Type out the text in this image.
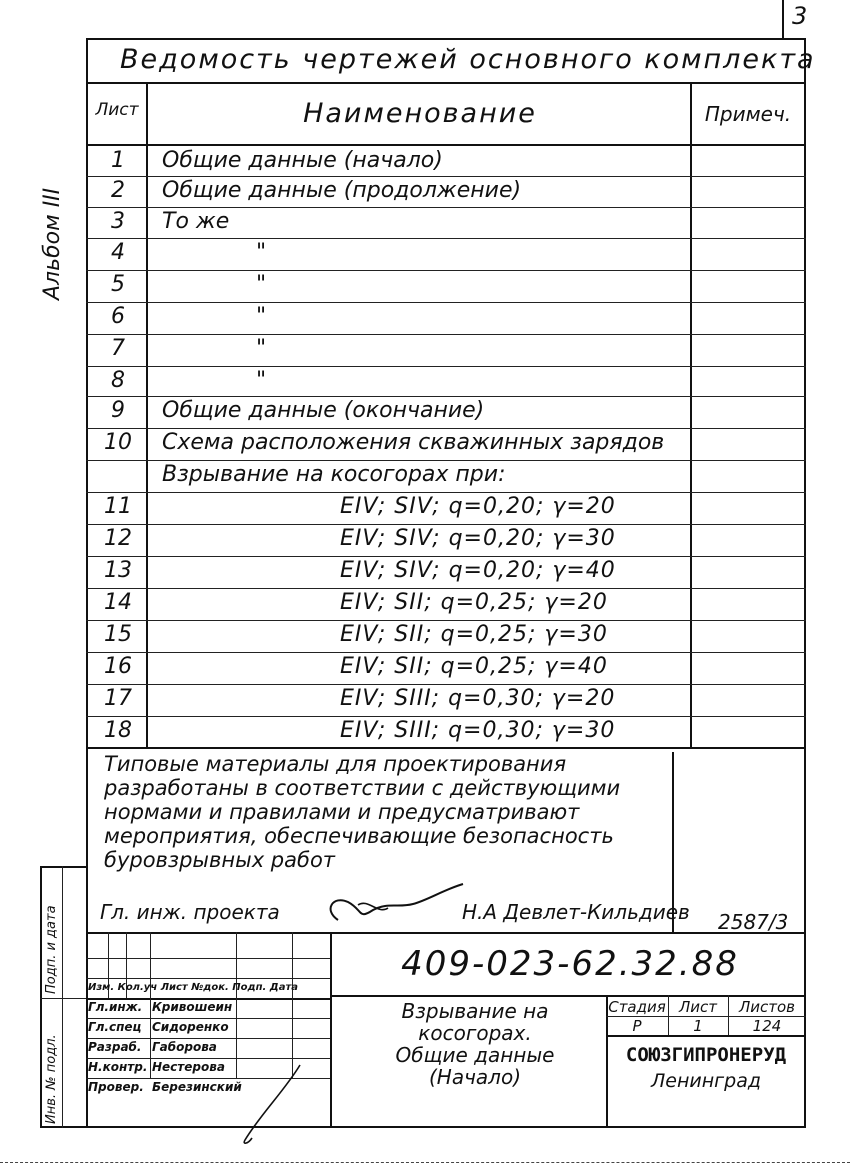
3
Ведомость чертежей основного комплекта
Лист	Наименование	Примеч.
1	Общие данные (начало)
2	Общие данные (продолжение)
3	То же
4	"
5	"
6	"
7	"
8	"
9	Общие данные (окончание)
10	Схема расположения скважинных зарядов
Взрывание на косогорах при:
11	EIV; SIV; q=0,20; γ=20
12	EIV; SIV; q=0,20; γ=30
13	EIV; SIV; q=0,20; γ=40
14	EIV; SII; q=0,25; γ=20
15	EIV; SII; q=0,25; γ=30
16	EIV; SII; q=0,25; γ=40
17	EIV; SIII; q=0,30; γ=20
18	EIV; SIII; q=0,30; γ=30
Альбом III
Типовые материалы для проектирования
разработаны в соответствии с действующими
нормами и правилами и предусматривают
мероприятия, обеспечивающие безопасность
буровзрывных работ
Гл. инж. проекта	Н.А Девлет-Кильдиев 2587/3
409-023-62.32.88
Изм. Кол.уч Лист №док. Подп. Дата
Гл.инж. Кривошеин
Гл.спец Сидоренко
Разраб. Габорова
Н.контр. Нестерова
Провер. Березинский
Взрывание на
косогорах.
Общие данные
(Начало)
Стадия Лист	Листов
Р	1	124
СОЮЗГИПРОНЕРУД
Ленинград
Инв. № подл.
Подп. и дата
